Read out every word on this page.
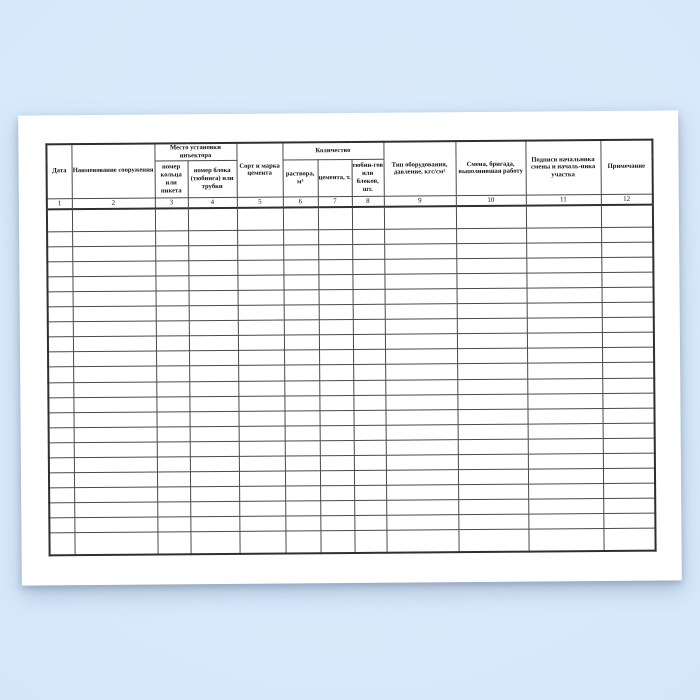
Дата	Наименование сооружения	Место установки инъектора		Сорт и марка цемента	Количество			Тип оборудования, давление, кгс/см²	Смена, бригада, выполнившая работу	Подписи начальника смены и началь-ника участка	Примечание
		номер кольца или пикета	номер блока (тюбинга) или трубки		раствора, м³	цемента, т.	тюбин-гов или блоков, шт.				
1	2	3	4	5	6	7	8	9	10	11	12
